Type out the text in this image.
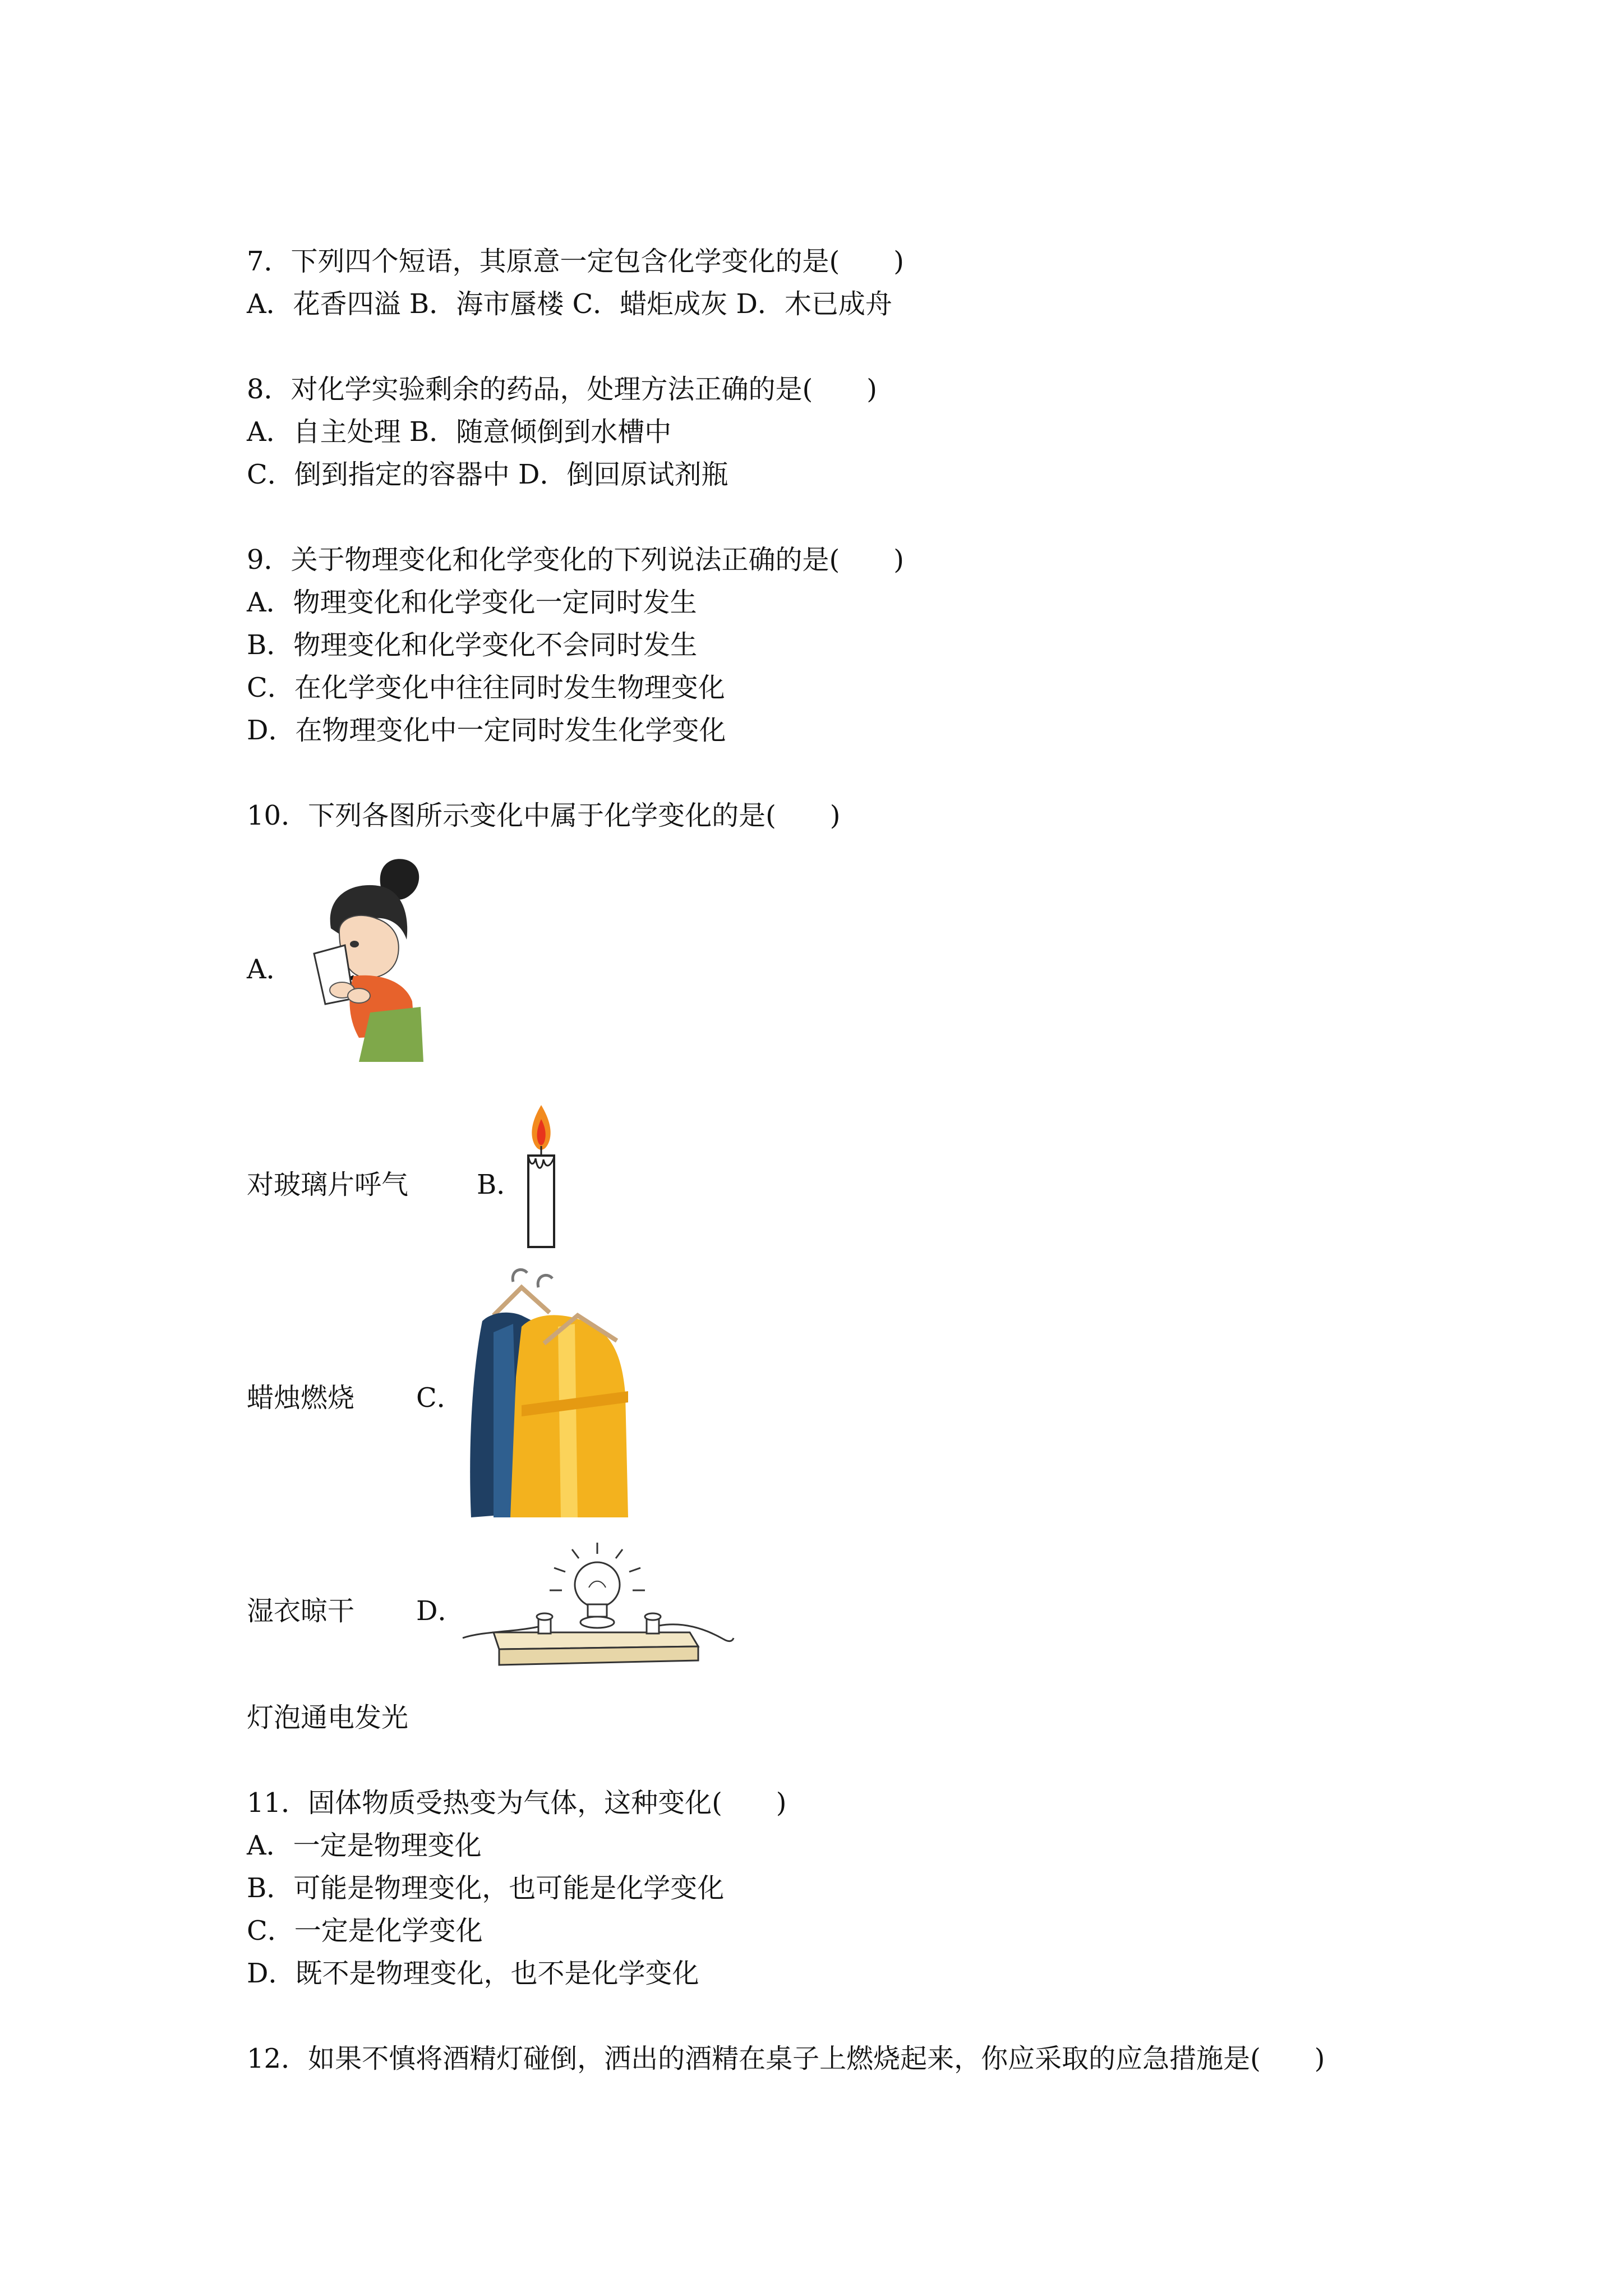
7．下列四个短语，其原意一定包含化学变化的是(　　)
A．花香四溢 B．海市蜃楼 C．蜡炬成灰 D．木已成舟
8．对化学实验剩余的药品，处理方法正确的是(　　)
A．自主处理 B．随意倾倒到水槽中
C．倒到指定的容器中 D．倒回原试剂瓶
9．关于物理变化和化学变化的下列说法正确的是(　　)
A．物理变化和化学变化一定同时发生
B．物理变化和化学变化不会同时发生
C．在化学变化中往往同时发生物理变化
D．在物理变化中一定同时发生化学变化
10．下列各图所示变化中属于化学变化的是(　　)
A．
对玻璃片呼气	B．
蜡烛燃烧 C．
湿衣晾干 D．
灯泡通电发光
11．固体物质受热变为气体，这种变化(　　)
A．一定是物理变化
B．可能是物理变化，也可能是化学变化
C．一定是化学变化
D．既不是物理变化，也不是化学变化
12．如果不慎将酒精灯碰倒，洒出的酒精在桌子上燃烧起来，你应采取的应急措施是(　　)
